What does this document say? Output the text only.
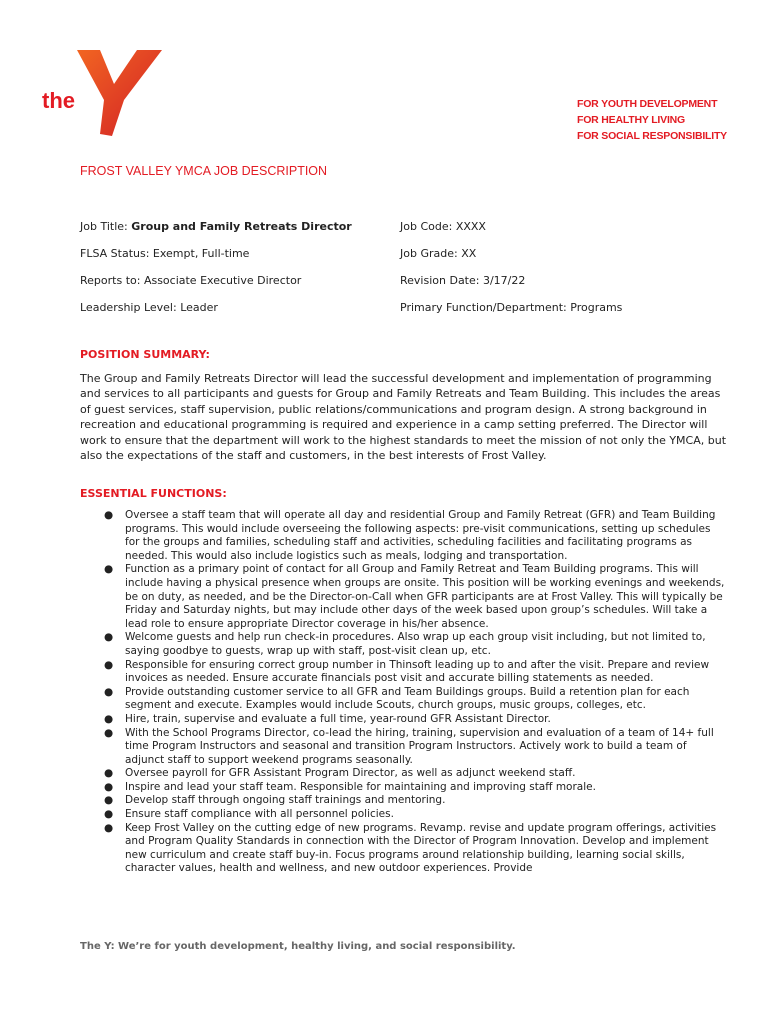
the
YMCA
FOR YOUTH DEVELOPMENT
FOR HEALTHY LIVING
FOR SOCIAL RESPONSIBILITY
FROST VALLEY YMCA JOB DESCRIPTION
Job Title: Group and Family Retreats Director	Job Code: XXXX
FLSA Status: Exempt, Full-time	Job Grade: XX
Reports to: Associate Executive Director	Revision Date: 3/17/22
Leadership Level: Leader	Primary Function/Department: Programs
POSITION SUMMARY:
The Group and Family Retreats Director will lead the successful development and implementation of programming and services to all participants and guests for Group and Family Retreats and Team Building. This includes the areas of guest services, staff supervision, public relations/communications and program design. A strong background in recreation and educational programming is required and experience in a camp setting preferred. The Director will work to ensure that the department will work to the highest standards to meet the mission of not only the YMCA, but also the expectations of the staff and customers, in the best interests of Frost Valley.
ESSENTIAL FUNCTIONS:
● Oversee a staff team that will operate all day and residential Group and Family Retreat (GFR) and Team Building programs. This would include overseeing the following aspects: pre-visit communications, setting up schedules for the groups and families, scheduling staff and activities, scheduling facilities and facilitating programs as needed. This would also include logistics such as meals, lodging and transportation.
● Function as a primary point of contact for all Group and Family Retreat and Team Building programs. This will include having a physical presence when groups are onsite. This position will be working evenings and weekends, be on duty, as needed, and be the Director-on-Call when GFR participants are at Frost Valley. This will typically be Friday and Saturday nights, but may include other days of the week based upon group’s schedules. Will take a lead role to ensure appropriate Director coverage in his/her absence.
● Welcome guests and help run check-in procedures. Also wrap up each group visit including, but not limited to, saying goodbye to guests, wrap up with staff, post-visit clean up, etc.
● Responsible for ensuring correct group number in Thinsoft leading up to and after the visit. Prepare and review invoices as needed. Ensure accurate financials post visit and accurate billing statements as needed.
● Provide outstanding customer service to all GFR and Team Buildings groups. Build a retention plan for each segment and execute. Examples would include Scouts, church groups, music groups, colleges, etc.
● Hire, train, supervise and evaluate a full time, year-round GFR Assistant Director.
● With the School Programs Director, co-lead the hiring, training, supervision and evaluation of a team of 14+ full time Program Instructors and seasonal and transition Program Instructors. Actively work to build a team of adjunct staff to support weekend programs seasonally.
● Oversee payroll for GFR Assistant Program Director, as well as adjunct weekend staff.
● Inspire and lead your staff team. Responsible for maintaining and improving staff morale.
● Develop staff through ongoing staff trainings and mentoring.
● Ensure staff compliance with all personnel policies.
● Keep Frost Valley on the cutting edge of new programs. Revamp. revise and update program offerings, activities and Program Quality Standards in connection with the Director of Program Innovation. Develop and implement new curriculum and create staff buy-in. Focus programs around relationship building, learning social skills, character values, health and wellness, and new outdoor experiences. Provide
The Y: We’re for youth development, healthy living, and social responsibility.
